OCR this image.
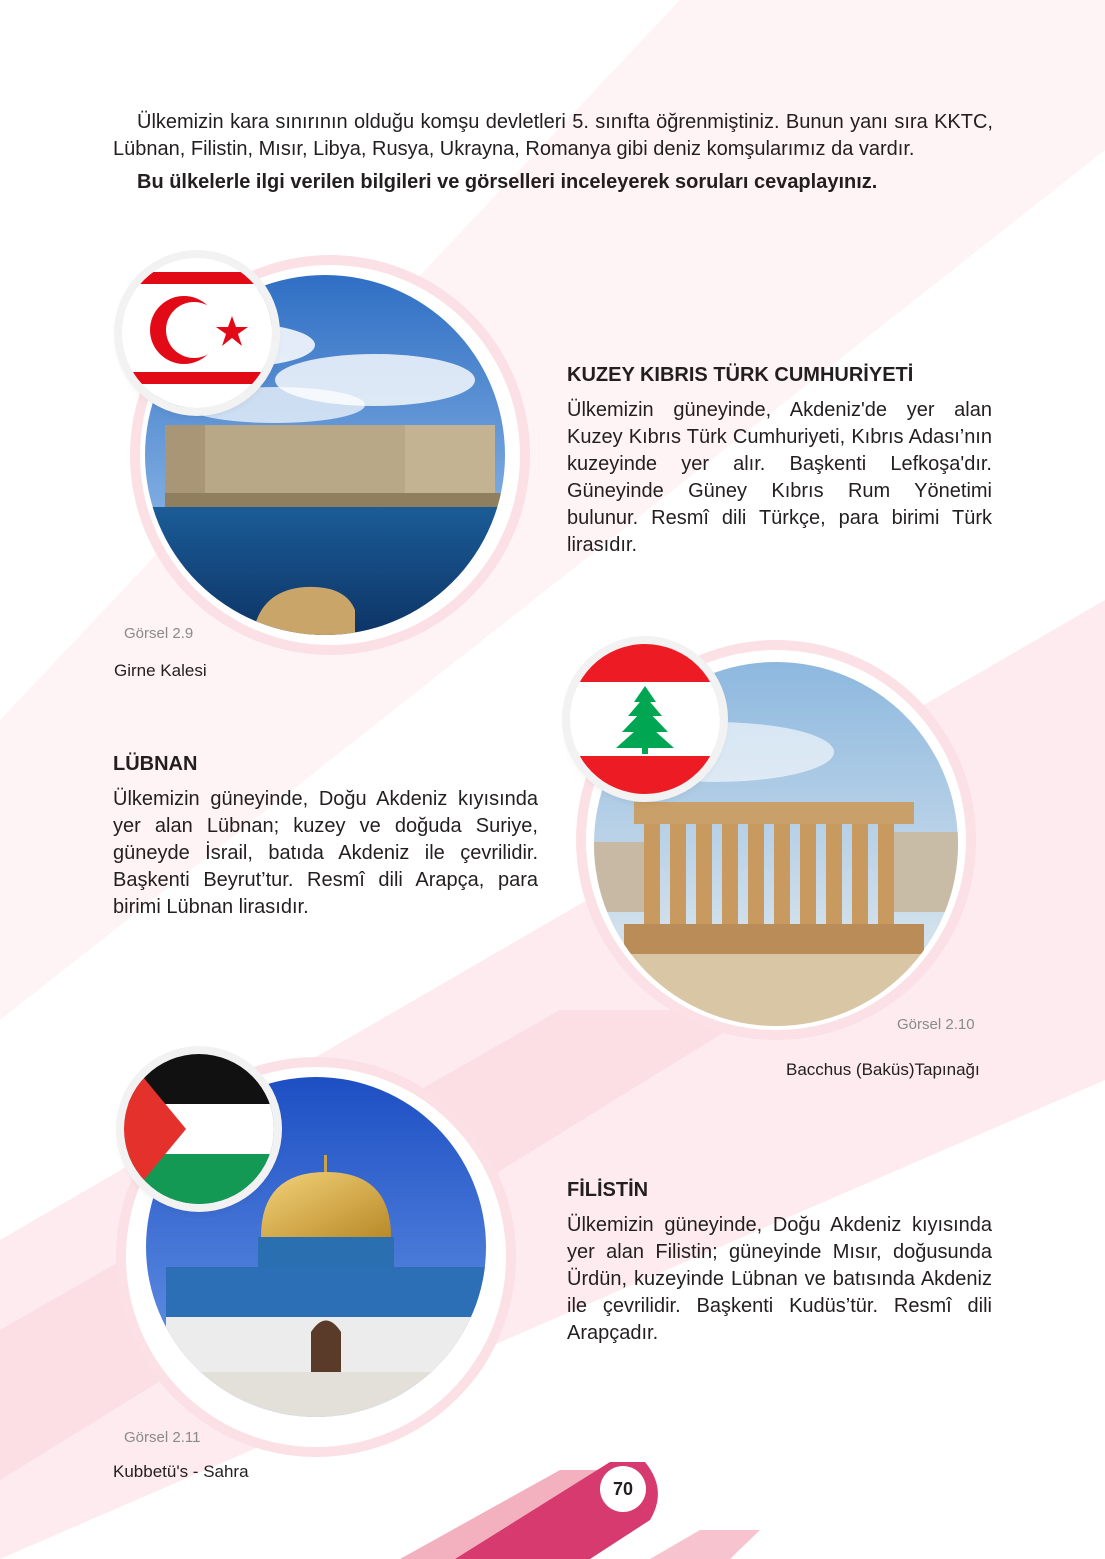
Ülkemizin kara sınırının olduğu komşu devletleri 5. sınıfta öğrenmiştiniz. Bunun yanı sıra KKTC, Lübnan, Filistin, Mısır, Libya, Rusya, Ukrayna, Romanya gibi deniz komşularımız da vardır.

Bu ülkelerle ilgi verilen bilgileri ve görselleri inceleyerek soruları cevaplayınız.

KUZEY KIBRIS TÜRK CUMHURİYETİ

Ülkemizin güneyinde, Akdeniz'de yer alan Kuzey Kıbrıs Türk Cumhuriyeti, Kıbrıs Adası’nın kuzeyinde yer alır. Başkenti Lefkoşa'dır. Güneyinde Güney Kıbrıs Rum Yönetimi bulunur. Resmî dili Türkçe, para birimi Türk lirasıdır.

Görsel 2.9
Girne Kalesi

LÜBNAN

Ülkemizin güneyinde, Doğu Akdeniz kıyısında yer alan Lübnan; kuzey ve doğuda Suriye, güneyde İsrail, batıda Akdeniz ile çevrilidir. Başkenti Beyrut’tur. Resmî dili Arapça, para birimi Lübnan lirasıdır.

Görsel 2.10
Bacchus (Baküs)Tapınağı

FİLİSTİN

Ülkemizin güneyinde, Doğu Akdeniz kıyısında yer alan Filistin; güneyinde Mısır, doğusunda Ürdün, kuzeyinde Lübnan ve batısında Akdeniz ile çevrilidir. Başkenti Kudüs’tür. Resmî dili Arapçadır.

Görsel 2.11
Kubbetü's - Sahra
70
